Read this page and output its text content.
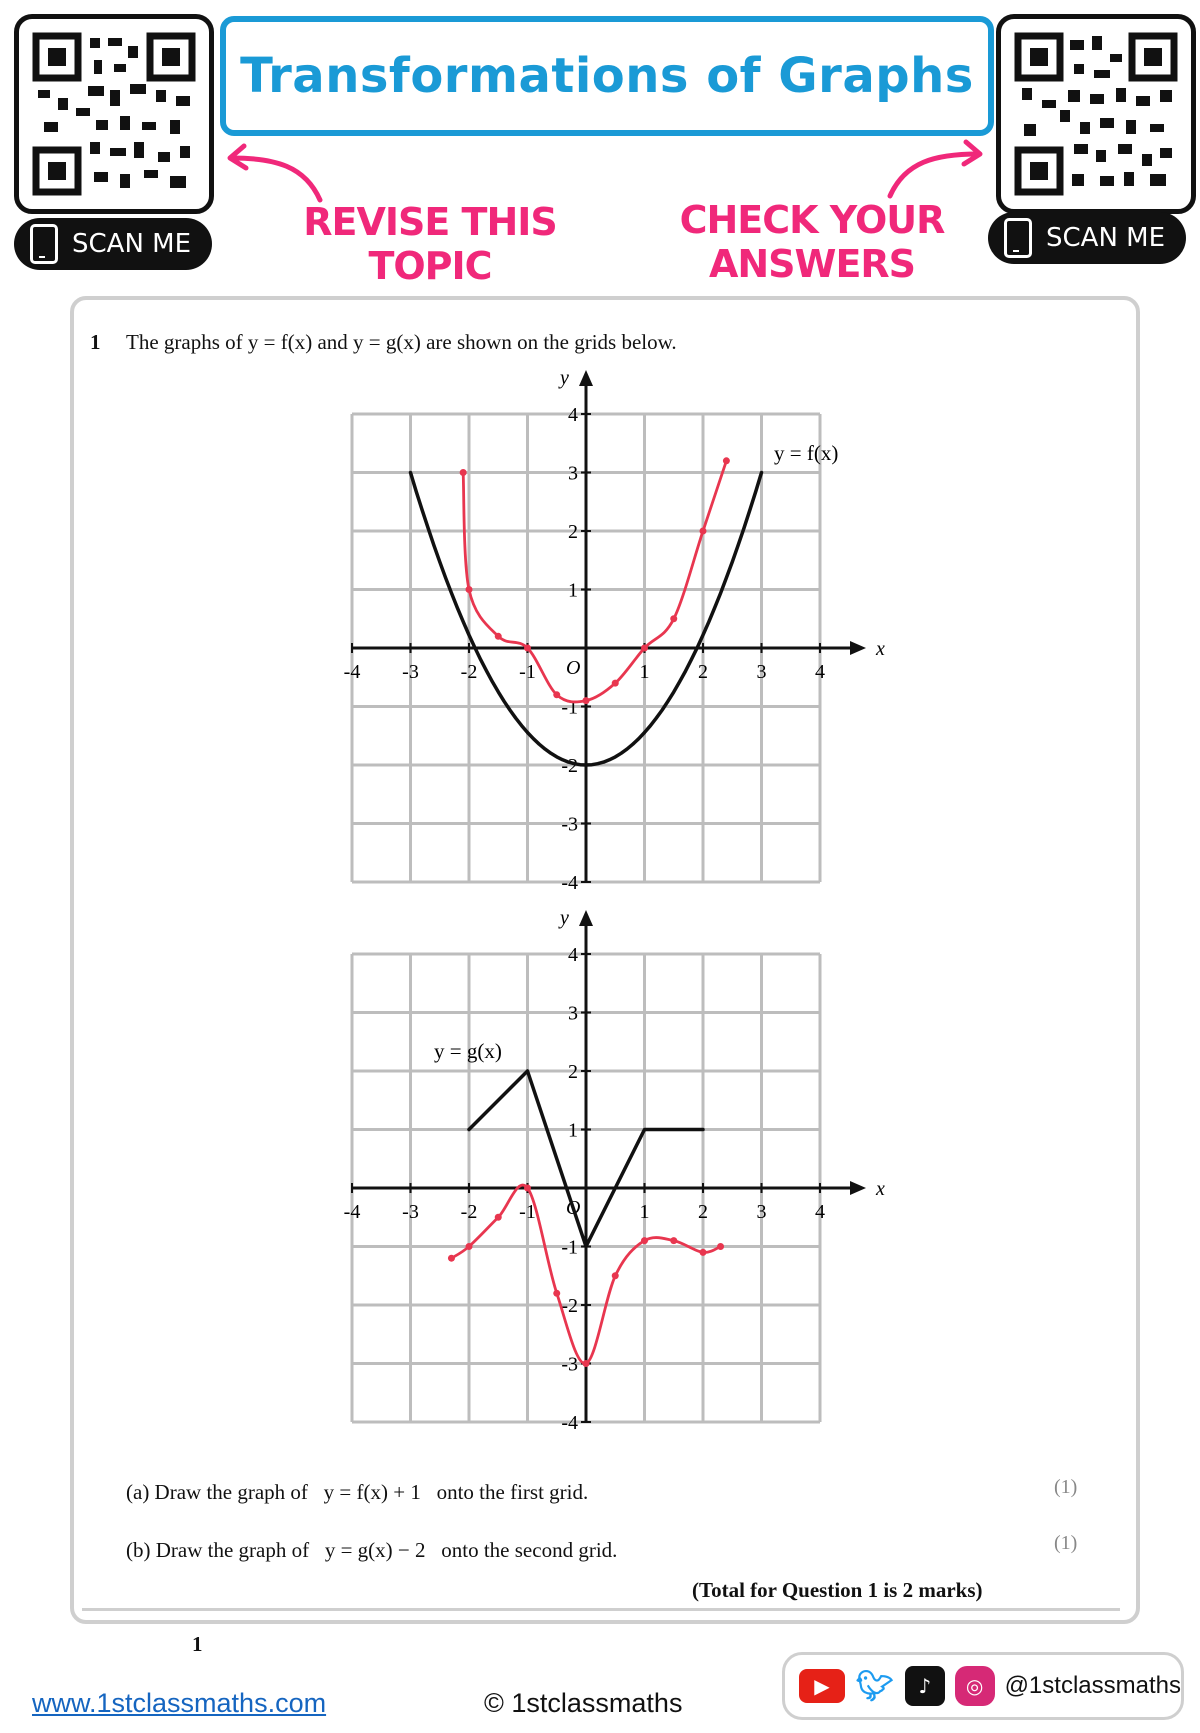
SCAN ME
Transformations of Graphs
SCAN ME
REVISE THIS
TOPIC
CHECK YOUR
ANSWERS
1 The graphs of y = f(x) and y = g(x) are shown on the grids below.
x
y
O
-4 -3 -2 -1	1 2 3 4
-4
-3
-2
-1
1
2
3
4
y = f(x)
x
y
O
-4 -3 -2 -1	1 2 3 4
-4
-3
-2
-1
1
2
3
4
y = g(x)
(a) Draw the graph of   y = f(x) + 1   onto the first grid.	(1)
(b) Draw the graph of   y = g(x) − 2   onto the second grid.	(1)
(Total for Question 1 is 2 marks)
1
www.1stclassmaths.com	© 1stclassmaths
▶ 🐦︎	♪	◎ @1stclassmaths
